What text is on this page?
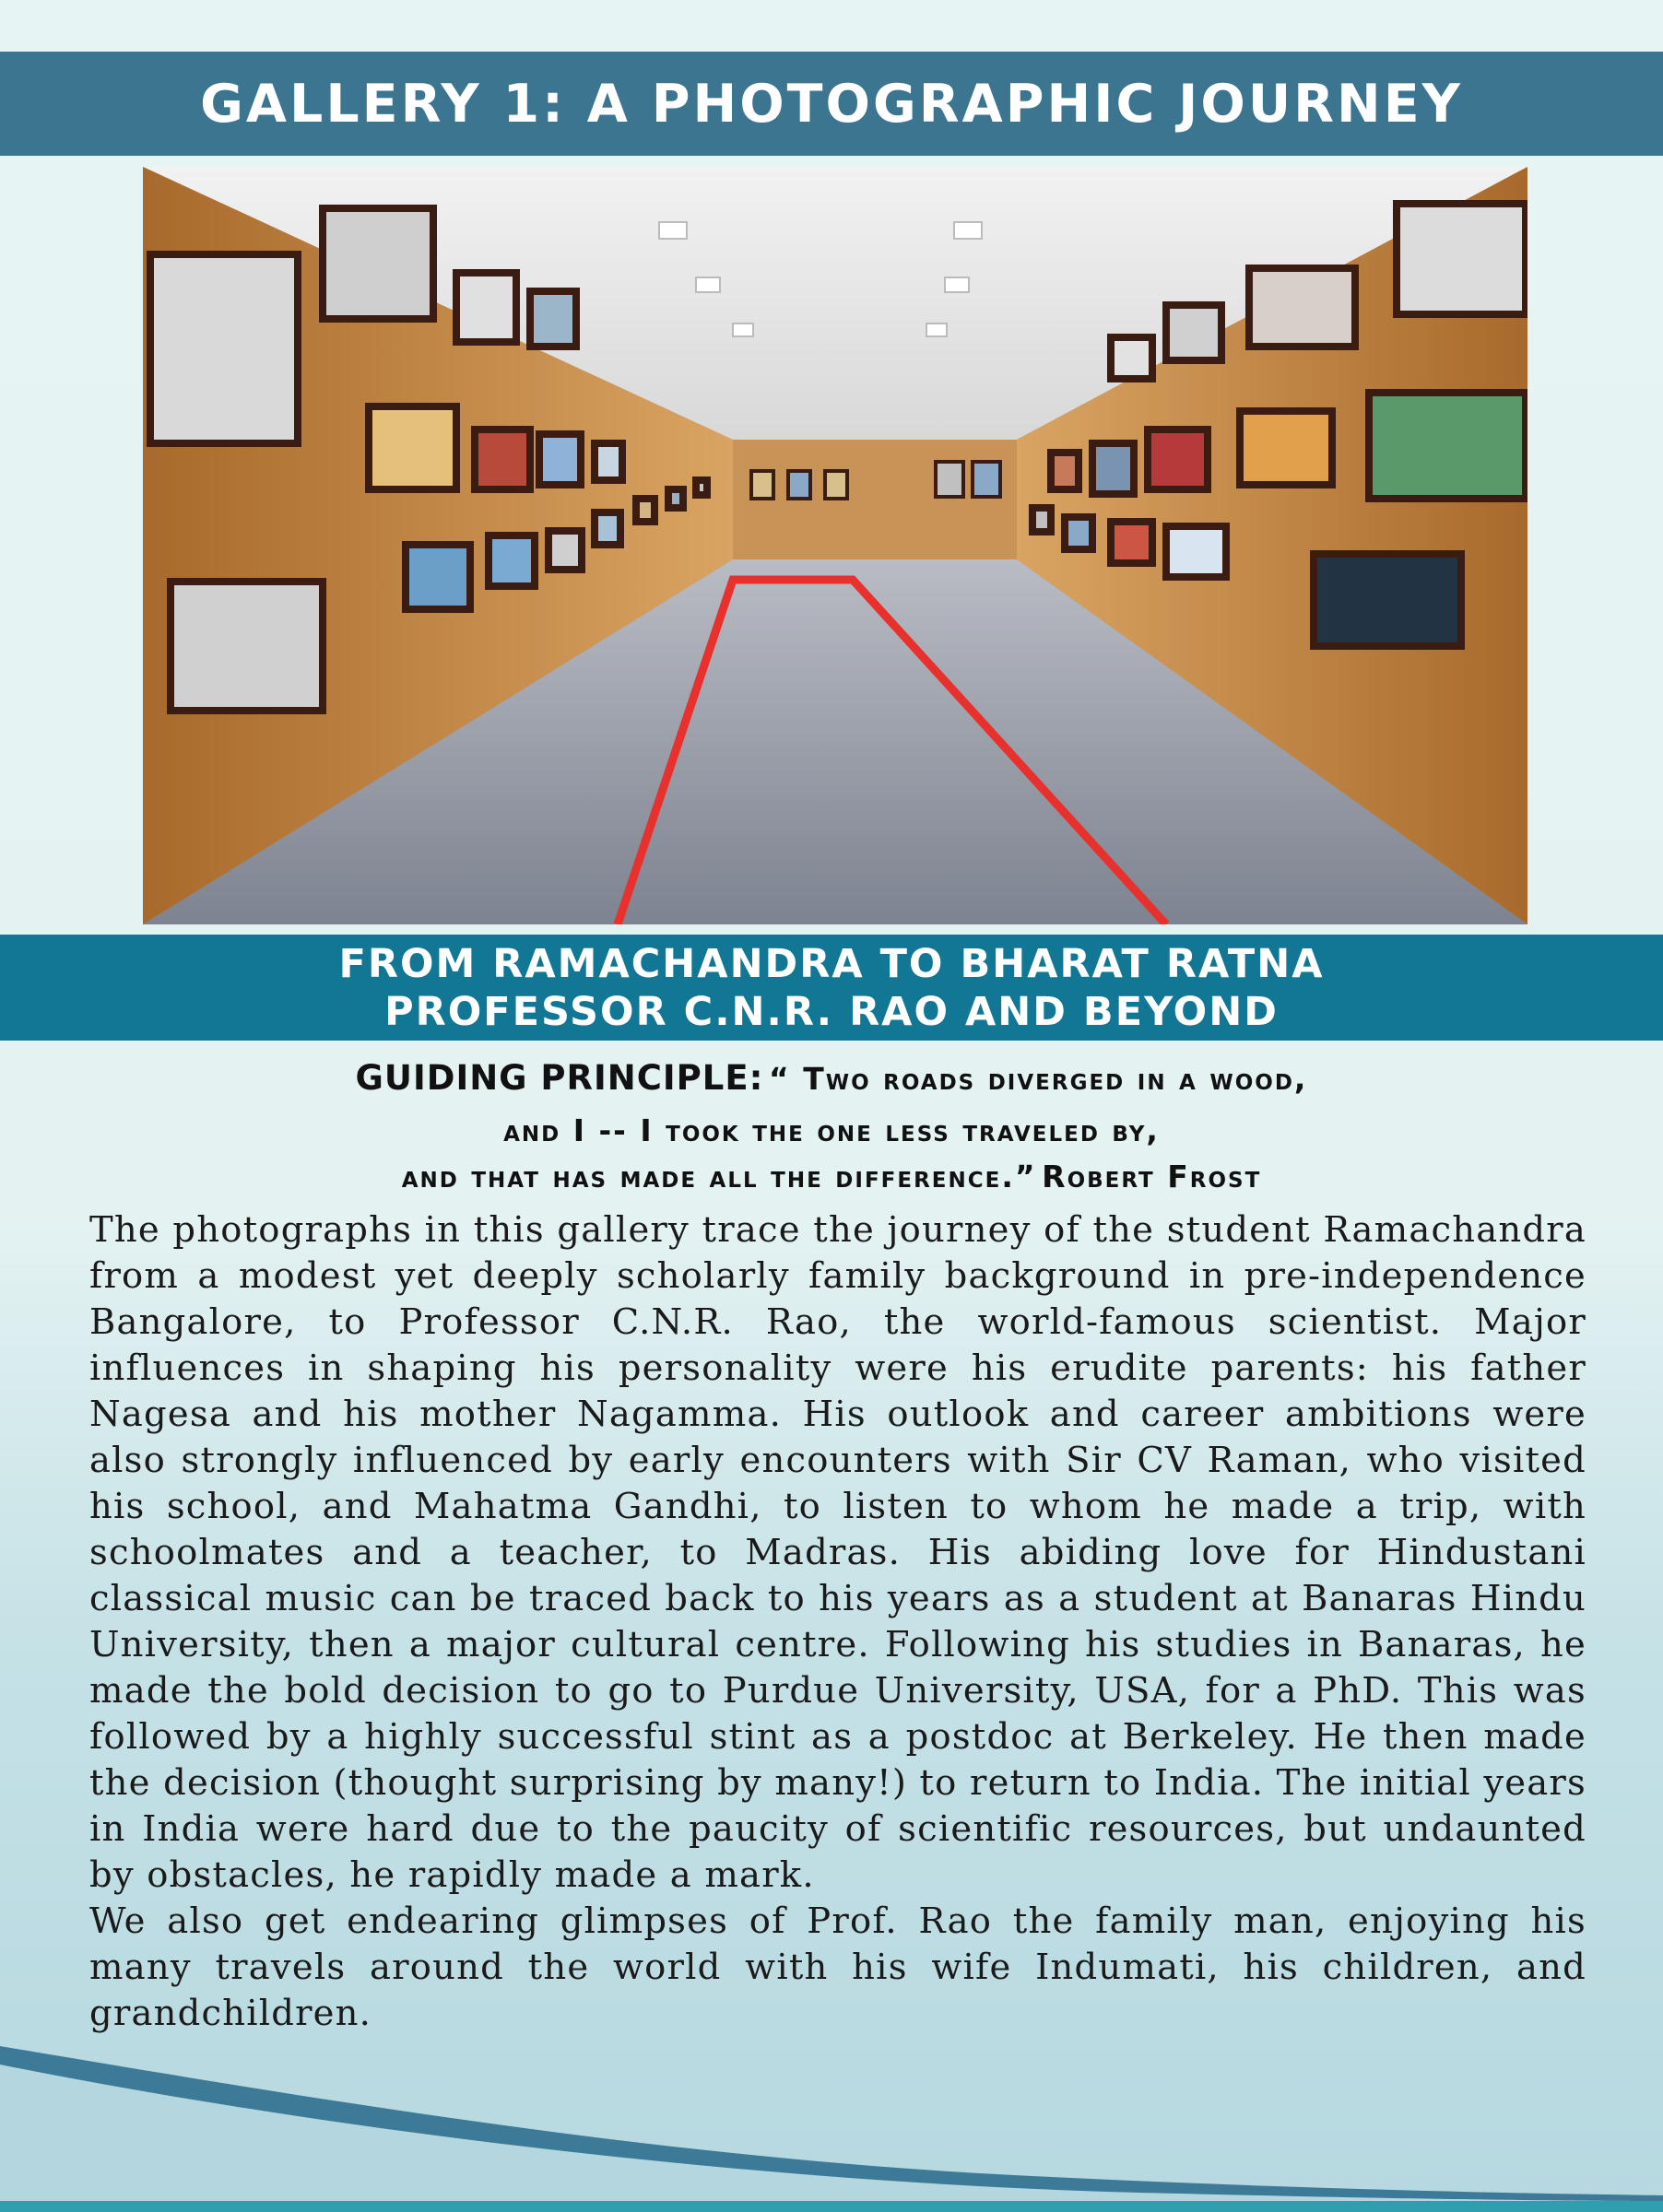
GALLERY 1: A PHOTOGRAPHIC JOURNEY
FROM RAMACHANDRA TO BHARAT RATNA
PROFESSOR C.N.R. RAO AND BEYOND
GUIDING PRINCIPLE: “ Two roads diverged in a wood,
and I -- I took the one less traveled by,
and that has made all the difference.” Robert Frost

The photographs in this gallery trace the journey of the student Ramachandra from a modest yet deeply scholarly family background in pre-independence Bangalore, to Professor C.N.R. Rao, the world-famous scientist. Major influences in shaping his personality were his erudite parents: his father Nagesa and his mother Nagamma. His outlook and career ambitions were also strongly influenced by early encounters with Sir CV Raman, who visited his school, and Mahatma Gandhi, to listen to whom he made a trip, with schoolmates and a teacher, to Madras. His abiding love for Hindustani classical music can be traced back to his years as a student at Banaras Hindu University, then a major cultural centre. Following his studies in Banaras, he made the bold decision to go to Purdue University, USA, for a PhD. This was followed by a highly successful stint as a postdoc at Berkeley. He then made the decision (thought surprising by many!) to return to India. The initial years in India were hard due to the paucity of scientific resources, but undaunted by obstacles, he rapidly made a mark.

We also get endearing glimpses of Prof. Rao the family man, enjoying his many travels around the world with his wife Indumati, his children, and grandchildren.
